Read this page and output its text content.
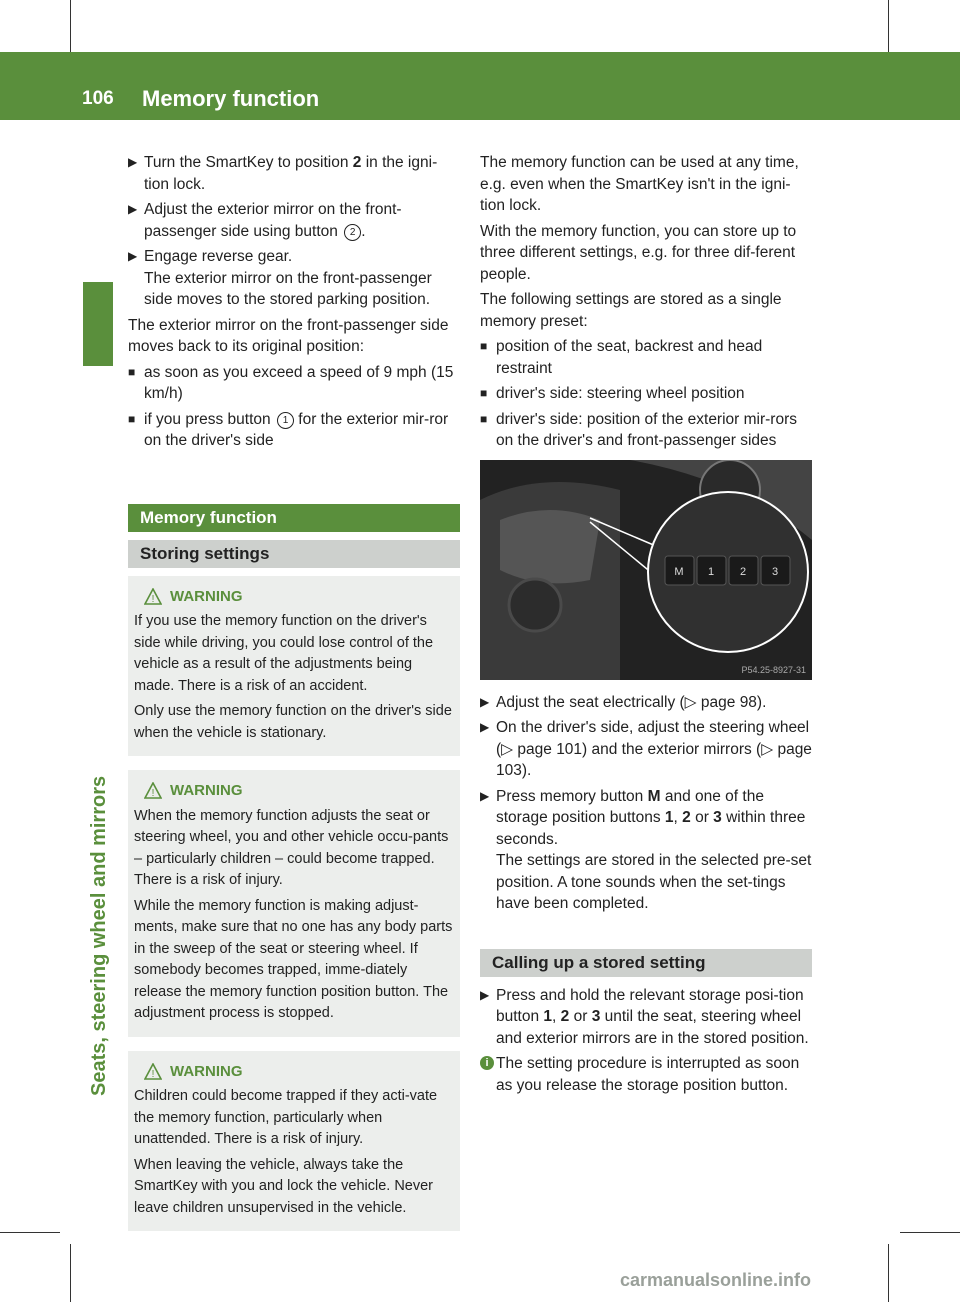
106 Memory function
Seats, steering wheel and mirrors
▶ Turn the SmartKey to position 2 in the igni-tion lock.
▶ Adjust the exterior mirror on the front-passenger side using button 2 .
▶ Engage reverse gear.
The exterior mirror on the front-passenger side moves to the stored parking position.

The exterior mirror on the front-passenger side moves back to its original position:

■ as soon as you exceed a speed of 9 mph (15 km/h)
■ if you press button 1 for the exterior mir-ror on the driver's side
Memory function
Storing settings
! WARNING

If you use the memory function on the driver's side while driving, you could lose control of the vehicle as a result of the adjustments being made. There is a risk of an accident.

Only use the memory function on the driver's side when the vehicle is stationary.

! WARNING

When the memory function adjusts the seat or steering wheel, you and other vehicle occu-pants – particularly children – could become trapped. There is a risk of injury.

While the memory function is making adjust-ments, make sure that no one has any body parts in the sweep of the seat or steering wheel. If somebody becomes trapped, imme-diately release the memory function position button. The adjustment process is stopped.

! WARNING

Children could become trapped if they acti-vate the memory function, particularly when unattended. There is a risk of injury.

When leaving the vehicle, always take the SmartKey with you and lock the vehicle. Never leave children unsupervised in the vehicle.

The memory function can be used at any time, e.g. even when the SmartKey isn't in the igni-tion lock.

With the memory function, you can store up to three different settings, e.g. for three dif-ferent people.

The following settings are stored as a single memory preset:

■ position of the seat, backrest and head restraint
■ driver's side: steering wheel position
■ driver's side: position of the exterior mir-rors on the driver's and front-passenger sides
M 1 2 3
P54.25-8927-31
▶ Adjust the seat electrically (▷ page 98).
▶ On the driver's side, adjust the steering wheel (▷ page 101) and the exterior mirrors (▷ page 103).
▶ Press memory button M and one of the storage position buttons 1, 2 or 3 within three seconds.
The settings are stored in the selected pre-set position. A tone sounds when the set-tings have been completed.
Calling up a stored setting
▶ Press and hold the relevant storage posi-tion button 1, 2 or 3 until the seat, steering wheel and exterior mirrors are in the stored position.
i The setting procedure is interrupted as soon as you release the storage position button.
carmanualsonline.info
